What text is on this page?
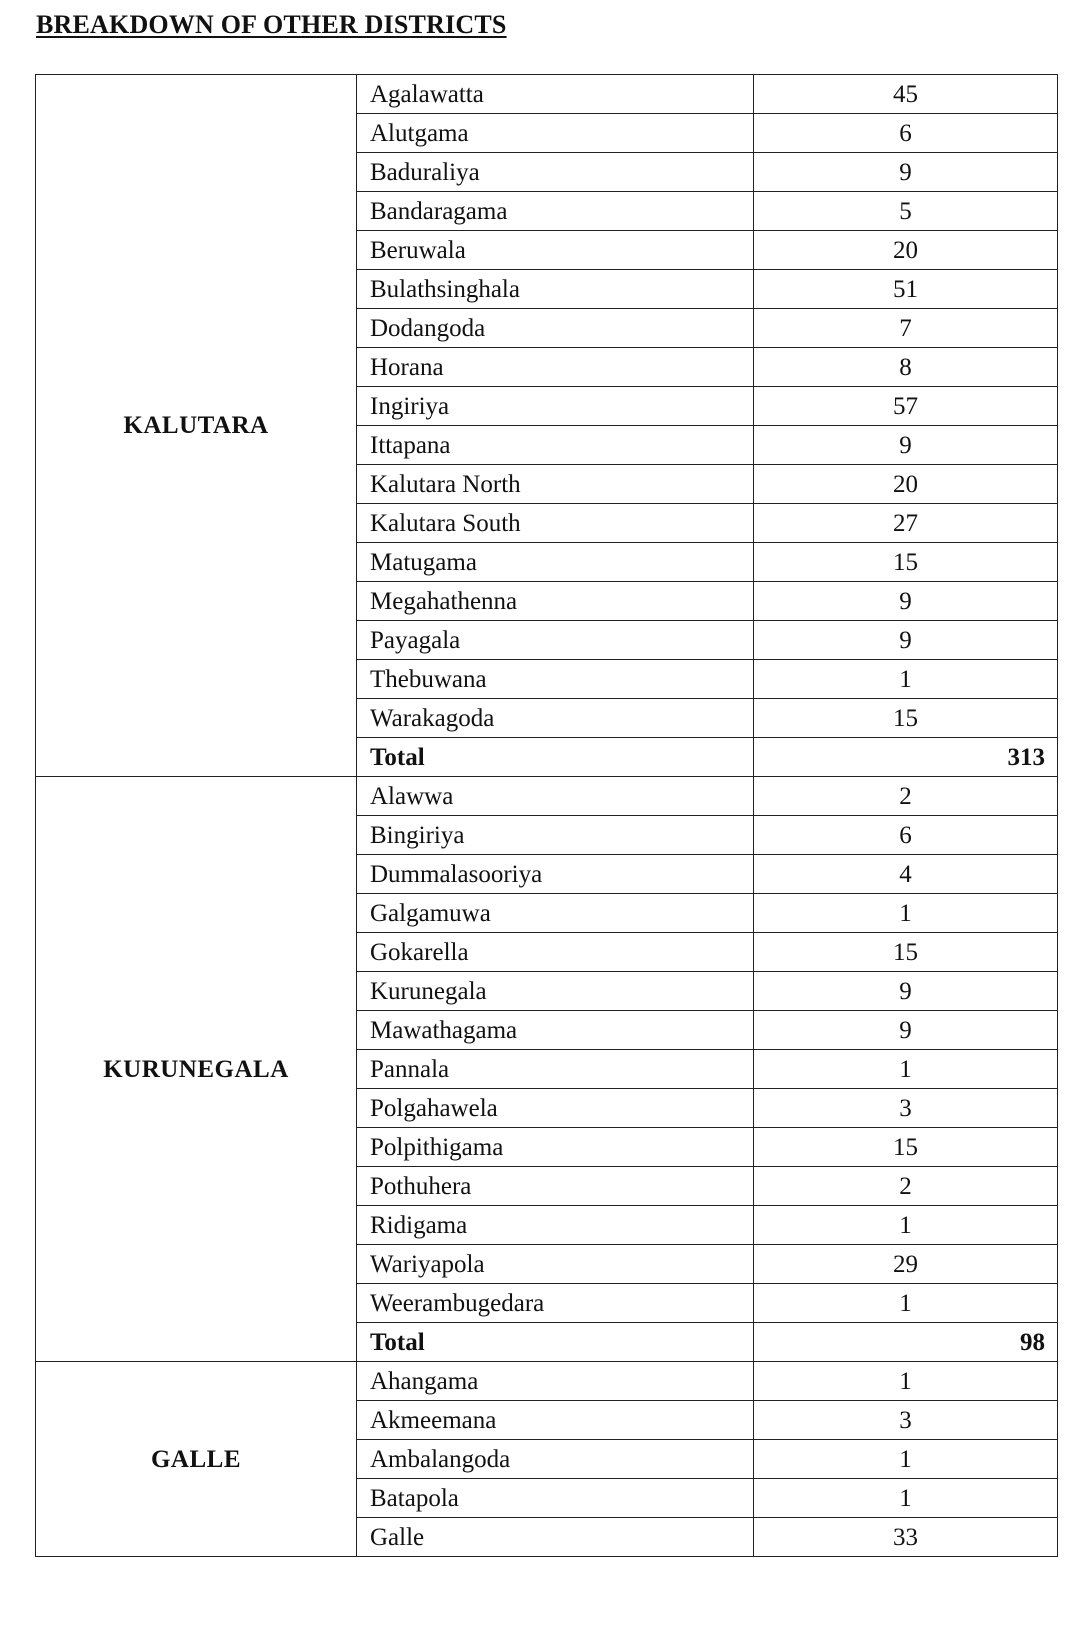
BREAKDOWN OF OTHER DISTRICTS
KALUTARA	Agalawatta	45
	Alutgama	6
	Baduraliya	9
	Bandaragama	5
	Beruwala	20
	Bulathsinghala	51
	Dodangoda	7
	Horana	8
	Ingiriya	57
	Ittapana	9
	Kalutara North	20
	Kalutara South	27
	Matugama	15
	Megahathenna	9
	Payagala	9
	Thebuwana	1
	Warakagoda	15
	Total	313
KURUNEGALA	Alawwa	2
	Bingiriya	6
	Dummalasooriya	4
	Galgamuwa	1
	Gokarella	15
	Kurunegala	9
	Mawathagama	9
	Pannala	1
	Polgahawela	3
	Polpithigama	15
	Pothuhera	2
	Ridigama	1
	Wariyapola	29
	Weerambugedara	1
	Total	98
GALLE	Ahangama	1
	Akmeemana	3
	Ambalangoda	1
	Batapola	1
	Galle	33
